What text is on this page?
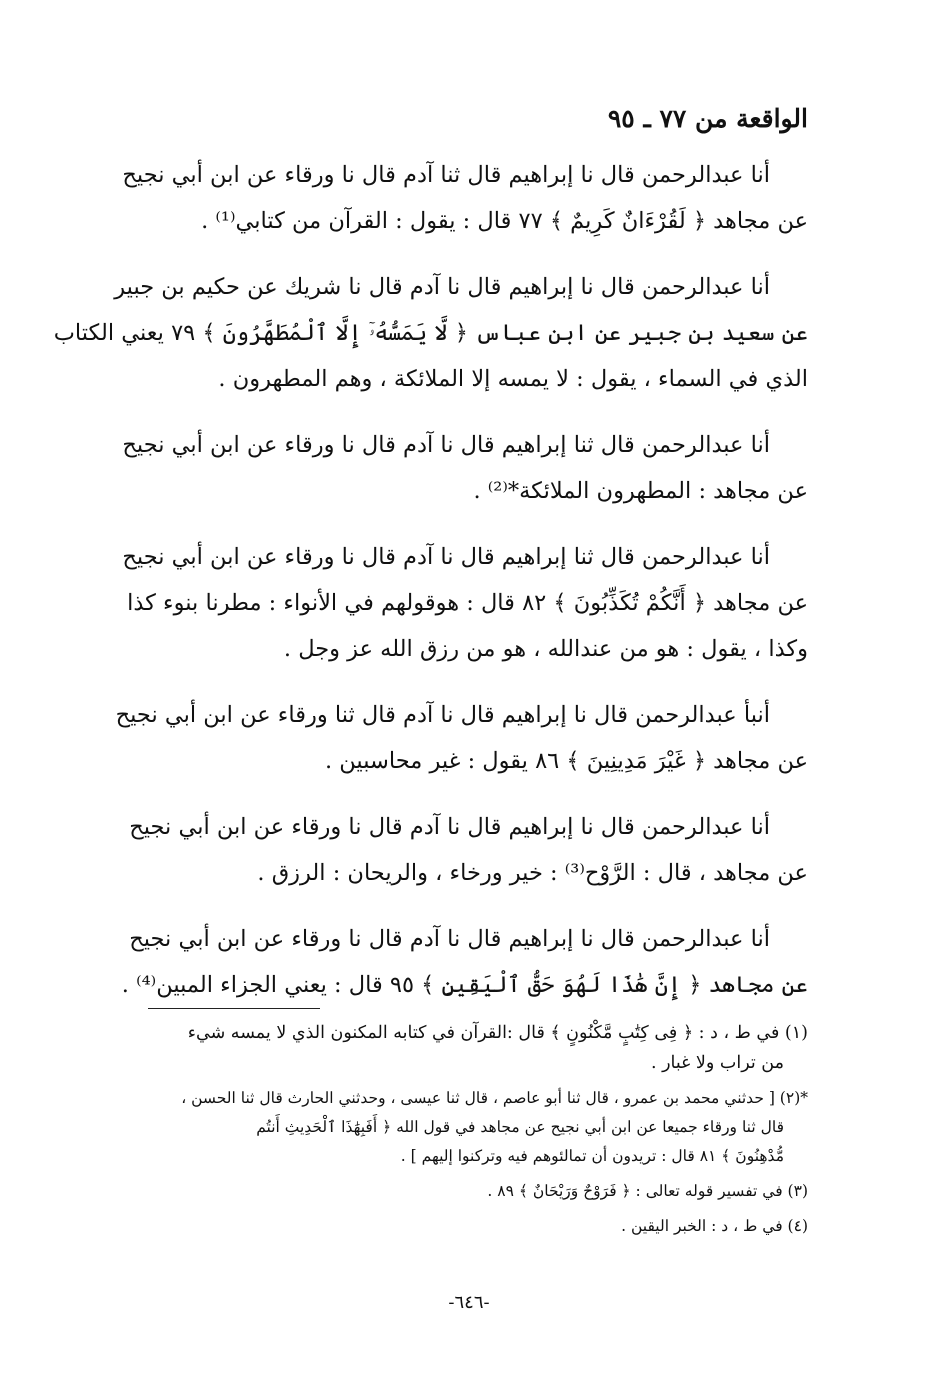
الواقعة من ٧٧ ـ ٩٥

أنا عبدالرحمن قال نا إبراهيم قال ثنا آدم قال نا ورقاء عن ابن أبي نجيح
عن مجاهد ﴿ لَقُرْءَانٌ كَرِيمٌ ﴾ ٧٧ قال : يقول : القرآن من كتابي⁽¹⁾ .

أنا عبدالرحمن قال نا إبراهيم قال نا آدم قال نا شريك عن حكيم بن جبير
عن سعيد بن جبير عن ابن عباس ﴿ لَّا يَمَسُّهُۥٓ إِلَّا ٱلْمُطَهَّرُونَ ﴾ ٧٩ يعني الكتاب
الذي في السماء ، يقول : لا يمسه إلا الملائكة ، وهم المطهرون .

أنا عبدالرحمن قال ثنا إبراهيم قال نا آدم قال نا ورقاء عن ابن أبي نجيح
عن مجاهد : المطهرون الملائكة*⁽²⁾ .

أنا عبدالرحمن قال ثنا إبراهيم قال نا آدم قال نا ورقاء عن ابن أبي نجيح
عن مجاهد ﴿ أَنَّكُمْ تُكَذِّبُونَ ﴾ ٨٢ قال : هوقولهم في الأنواء : مطرنا بنوء كذا
وكذا ، يقول : هو من عندالله ، هو من رزق الله عز وجل .

أنبأ عبدالرحمن قال نا إبراهيم قال نا آدم قال ثنا ورقاء عن ابن أبي نجيح
عن مجاهد ﴿ غَيْرَ مَدِينِينَ ﴾ ٨٦ يقول : غير محاسبين .

أنا عبدالرحمن قال نا إبراهيم قال نا آدم قال نا ورقاء عن ابن أبي نجيح
عن مجاهد ، قال : الرَّوْح⁽³⁾ : خير ورخاء ، والريحان : الرزق .

أنا عبدالرحمن قال نا إبراهيم قال نا آدم قال نا ورقاء عن ابن أبي نجيح
عن مجاهد ﴿ إِنَّ هَٰذَا لَهُوَ حَقُّ ٱلْيَقِينِ ﴾ ٩٥ قال : يعني الجزاء المبين⁽⁴⁾ .

(١) في ط ، د : ﴿ فِى كِتَٰبٍ مَّكْنُونٍ ﴾ قال :القرآن في كتابه المكنون الذي لا يمسه شيء
من تراب ولا غبار .

*(٢) [ حدثني محمد بن عمرو ، قال ثنا أبو عاصم ، قال ثنا عيسى ، وحدثني الحارث قال ثنا الحسن ،
قال ثنا ورقاء جميعا عن ابن أبي نجيح عن مجاهد في قول الله ﴿ أَفَبِهَٰذَا ٱلْحَدِيثِ أَنتُم
مُّدْهِنُونَ ﴾ ٨١ قال : تريدون أن تمالئوهم فيه وتركنوا إليهم ] .

(٣) في تفسير قوله تعالى : ﴿ فَرَوْحٌ وَرَيْحَانٌ ﴾ ٨٩ .

(٤) في ط ، د : الخبر اليقين .

-٦٤٦-
